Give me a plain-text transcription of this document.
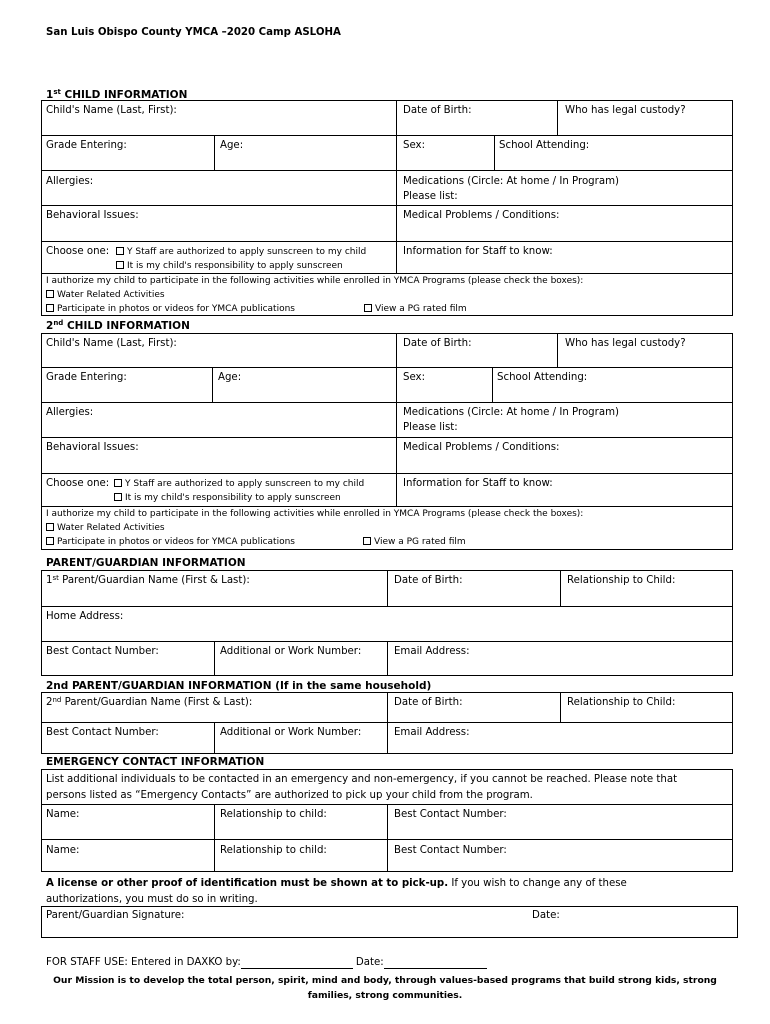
San Luis Obispo County YMCA –2020 Camp ASLOHA
1st CHILD INFORMATION
Child's Name (Last, First):	Date of Birth:	Who has legal custody?
Grade Entering:	Age:	Sex:	School Attending:
Allergies:	Medications (Circle: At home / In Program)
Please list:
Behavioral Issues:	Medical Problems / Conditions:
Choose one:	Y Staff are authorized to apply sunscreen to my child
It is my child's responsibility to apply sunscreen
Information for Staff to know:
I authorize my child to participate in the following activities while enrolled in YMCA Programs (please check the boxes):
Water Related Activities
Participate in photos or videos for YMCA publications	View a PG rated film
2nd CHILD INFORMATION
Child's Name (Last, First):	Date of Birth:	Who has legal custody?
Grade Entering:	Age:	Sex:	School Attending:
Allergies:	Medications (Circle: At home / In Program)
Please list:
Behavioral Issues:	Medical Problems / Conditions:
Choose one:	Y Staff are authorized to apply sunscreen to my child
It is my child's responsibility to apply sunscreen
Information for Staff to know:
I authorize my child to participate in the following activities while enrolled in YMCA Programs (please check the boxes):
Water Related Activities
Participate in photos or videos for YMCA publications	View a PG rated film
PARENT/GUARDIAN INFORMATION
1st Parent/Guardian Name (First & Last):	Date of Birth:	Relationship to Child:
Home Address:
Best Contact Number:	Additional or Work Number:	Email Address:
2nd PARENT/GUARDIAN INFORMATION (If in the same household)
2nd Parent/Guardian Name (First & Last):	Date of Birth:	Relationship to Child:
Best Contact Number:	Additional or Work Number:	Email Address:
EMERGENCY CONTACT INFORMATION
List additional individuals to be contacted in an emergency and non-emergency, if you cannot be reached. Please note that
persons listed as “Emergency Contacts” are authorized to pick up your child from the program.
Name:	Relationship to child:	Best Contact Number:
Name:	Relationship to child:	Best Contact Number:
A license or other proof of identification must be shown at to pick-up. If you wish to change any of these
authorizations, you must do so in writing.
Parent/Guardian Signature:	Date:
FOR STAFF USE: Entered in DAXKO by:	Date:
Our Mission is to develop the total person, spirit, mind and body, through values-based programs that build strong kids, strong
families, strong communities.
